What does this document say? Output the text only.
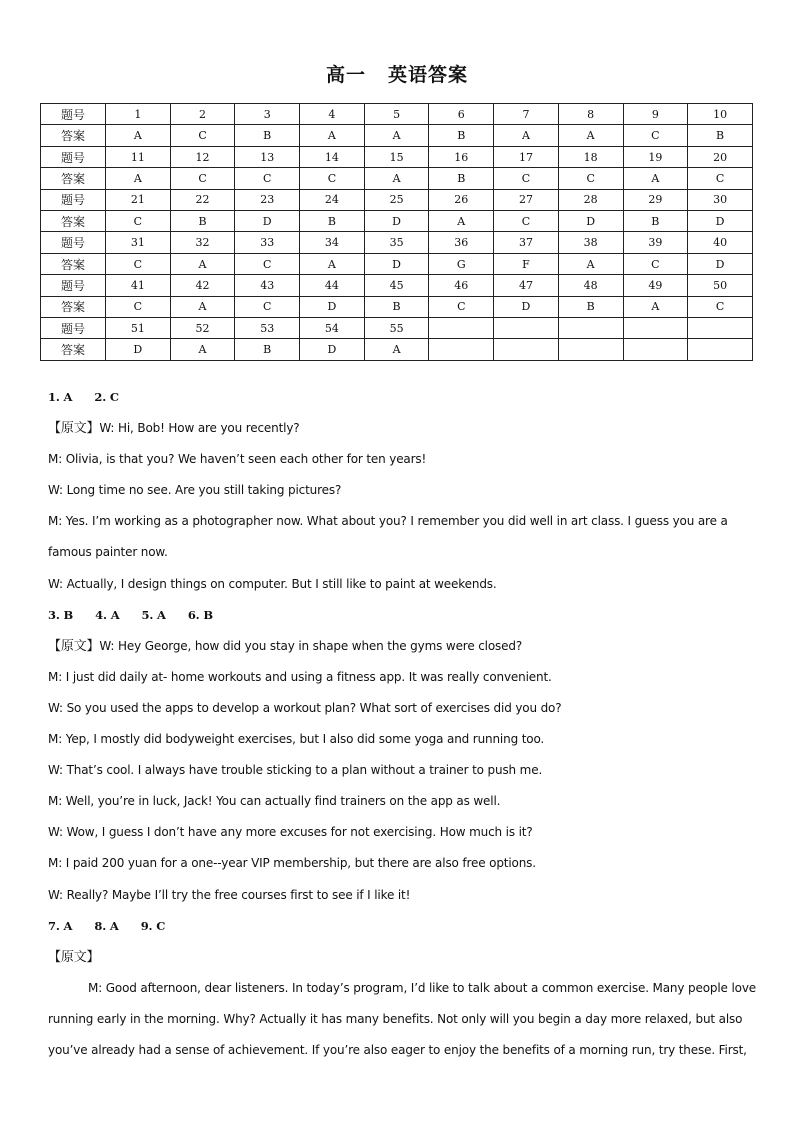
高一 英语答案
题号	1	2	3	4	5	6	7	8	9	10
答案	A	C	B	A	A	B	A	A	C	B
题号	11	12	13	14	15	16	17	18	19	20
答案	A	C	C	C	A	B	C	C	A	C
题号	21	22	23	24	25	26	27	28	29	30
答案	C	B	D	B	D	A	C	D	B	D
题号	31	32	33	34	35	36	37	38	39	40
答案	C	A	C	A	D	G	F	A	C	D
题号	41	42	43	44	45	46	47	48	49	50
答案	C	A	C	D	B	C	D	B	A	C
题号	51	52	53	54	55					
答案	D	A	B	D	A					
1. A 2. C
【原文】W: Hi, Bob! How are you recently?
M: Olivia, is that you? We haven’t seen each other for ten years!
W: Long time no see. Are you still taking pictures?
M: Yes. I’m working as a photographer now. What about you? I remember you did well in art class. I guess you are a
famous painter now.
W: Actually, I design things on computer. But I still like to paint at weekends.
3. B 4. A 5. A 6. B
【原文】W: Hey George, how did you stay in shape when the gyms were closed?
M: I just did daily at- home workouts and using a fitness app. It was really convenient.
W: So you used the apps to develop a workout plan? What sort of exercises did you do?
M: Yep, I mostly did bodyweight exercises, but I also did some yoga and running too.
W: That’s cool. I always have trouble sticking to a plan without a trainer to push me.
M: Well, you’re in luck, Jack! You can actually find trainers on the app as well.
W: Wow, I guess I don’t have any more excuses for not exercising. How much is it?
M: I paid 200 yuan for a one--year VIP membership, but there are also free options.
W: Really? Maybe I’ll try the free courses first to see if I like it!
7. A 8. A 9. C
【原文】
M: Good afternoon, dear listeners. In today’s program, I’d like to talk about a common exercise. Many people love
running early in the morning. Why? Actually it has many benefits. Not only will you begin a day more relaxed, but also
you’ve already had a sense of achievement. If you’re also eager to enjoy the benefits of a morning run, try these. First,
